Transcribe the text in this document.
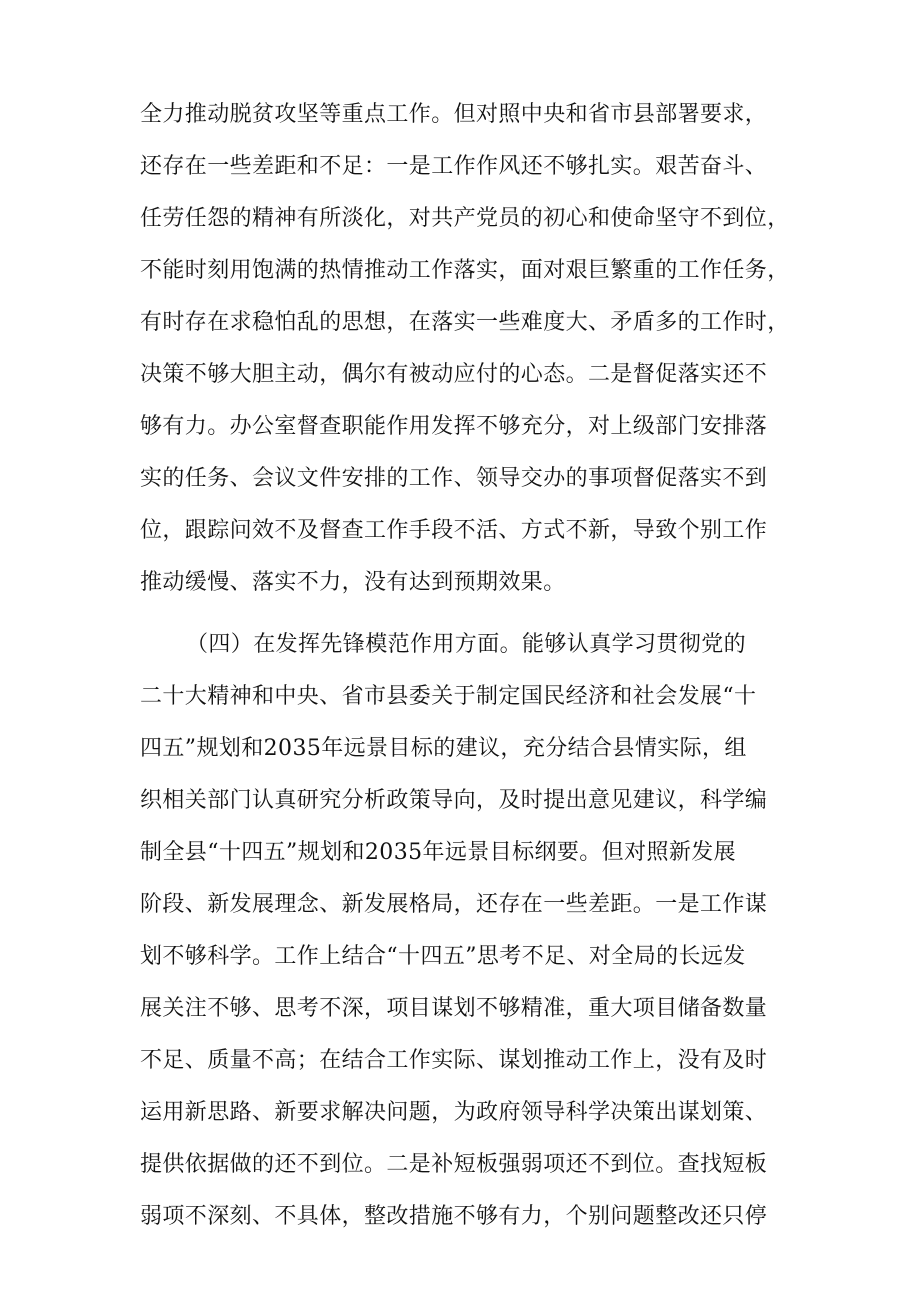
全力推动脱贫攻坚等重点工作。但对照中央和省市县部署要求，
还存在一些差距和不足：一是工作作风还不够扎实。艰苦奋斗、
任劳任怨的精神有所淡化，对共产党员的初心和使命坚守不到位，
不能时刻用饱满的热情推动工作落实，面对艰巨繁重的工作任务，
有时存在求稳怕乱的思想，在落实一些难度大、矛盾多的工作时，
决策不够大胆主动，偶尔有被动应付的心态。二是督促落实还不
够有力。办公室督查职能作用发挥不够充分，对上级部门安排落
实的任务、会议文件安排的工作、领导交办的事项督促落实不到
位，跟踪问效不及督查工作手段不活、方式不新，导致个别工作
推动缓慢、落实不力，没有达到预期效果。
（四）在发挥先锋模范作用方面。能够认真学习贯彻党的
二十大精神和中央、省市县委关于制定国民经济和社会发展“十
四五”规划和2035年远景目标的建议，充分结合县情实际，组
织相关部门认真研究分析政策导向，及时提出意见建议，科学编
制全县“十四五”规划和2035年远景目标纲要。但对照新发展
阶段、新发展理念、新发展格局，还存在一些差距。一是工作谋
划不够科学。工作上结合“十四五”思考不足、对全局的长远发
展关注不够、思考不深，项目谋划不够精准，重大项目储备数量
不足、质量不高；在结合工作实际、谋划推动工作上，没有及时
运用新思路、新要求解决问题，为政府领导科学决策出谋划策、
提供依据做的还不到位。二是补短板强弱项还不到位。查找短板
弱项不深刻、不具体，整改措施不够有力，个别问题整改还只停
